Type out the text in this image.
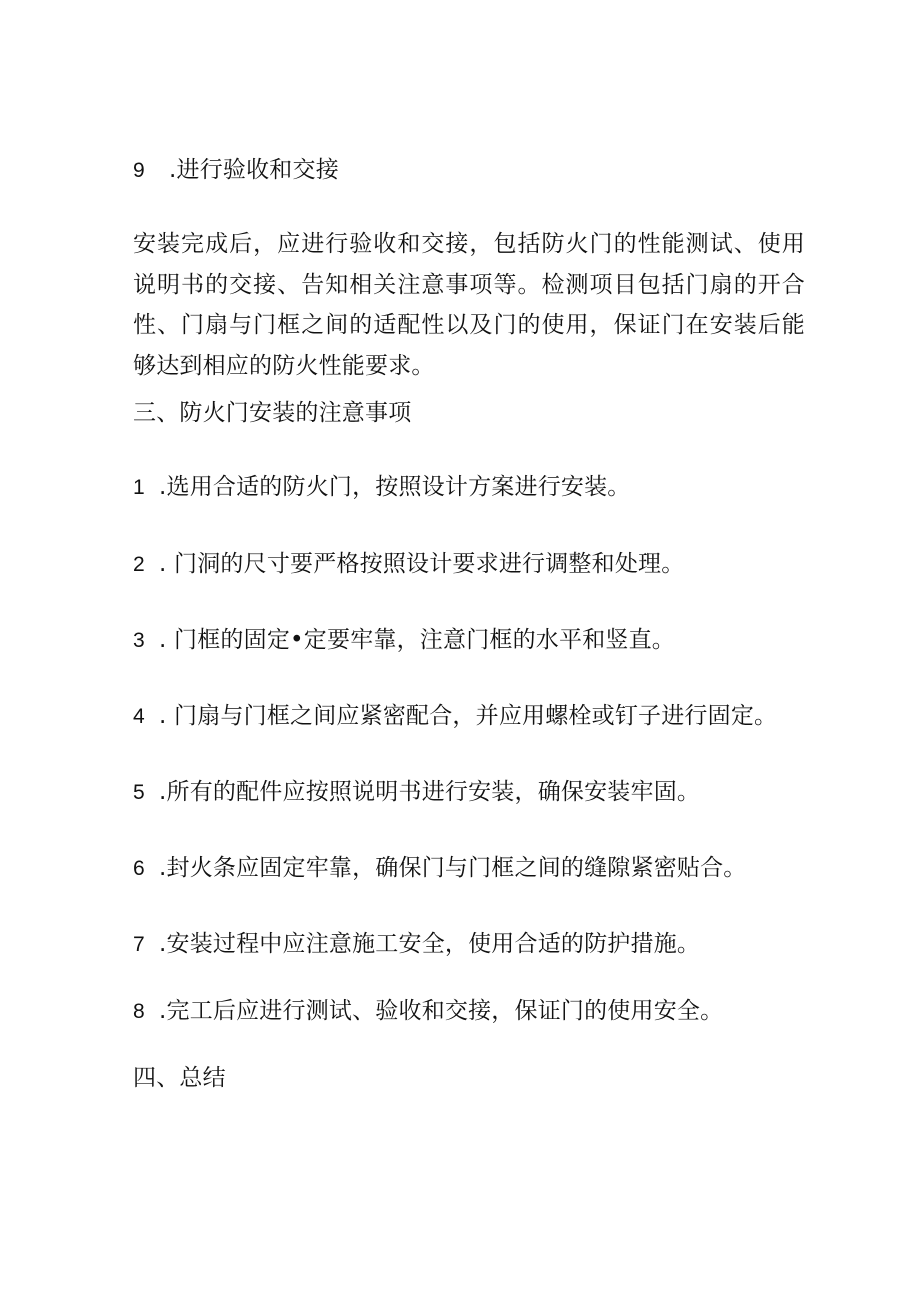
9 .进行验收和交接

安装完成后，应进行验收和交接，包括防火门的性能测试、使用说明书的交接、告知相关注意事项等。检测项目包括门扇的开合性、门扇与门框之间的适配性以及门的使用，保证门在安装后能够达到相应的防火性能要求。

三、防火门安装的注意事项

1 .选用合适的防火门，按照设计方案进行安装。

2 . 门洞的尺寸要严格按照设计要求进行调整和处理。

3 . 门框的固定•定要牢靠，注意门框的水平和竖直。

4 . 门扇与门框之间应紧密配合，并应用螺栓或钉子进行固定。

5 .所有的配件应按照说明书进行安装，确保安装牢固。

6 .封火条应固定牢靠，确保门与门框之间的缝隙紧密贴合。

7 .安装过程中应注意施工安全，使用合适的防护措施。

8 .完工后应进行测试、验收和交接，保证门的使用安全。

四、总结
